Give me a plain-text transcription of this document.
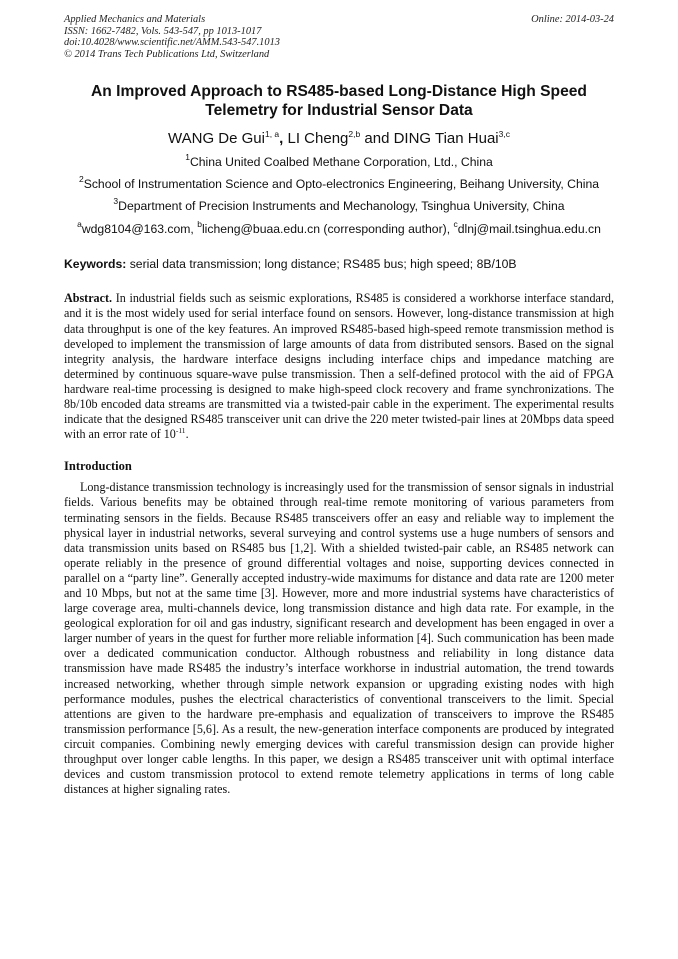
Applied Mechanics and Materials
ISSN: 1662-7482, Vols. 543-547, pp 1013-1017
doi:10.4028/www.scientific.net/AMM.543-547.1013
© 2014 Trans Tech Publications Ltd, Switzerland
Online: 2014-03-24
An Improved Approach to RS485-based Long-Distance High Speed Telemetry for Industrial Sensor Data
WANG De Gui$^{1, a}$, LI Cheng$^{2,b}$ and DING Tian Huai$^{3,c}$
$^1$China United Coalbed Methane Corporation, Ltd., China
$^2$School of Instrumentation Science and Opto-electronics Engineering, Beihang University, China
$^3$Department of Precision Instruments and Mechanology, Tsinghua University, China
$^a$wdg8104@163.com, $^b$licheng@buaa.edu.cn (corresponding author), $^c$dlnj@mail.tsinghua.edu.cn
Keywords: serial data transmission; long distance; RS485 bus; high speed; 8B/10B
Abstract. In industrial fields such as seismic explorations, RS485 is considered a workhorse interface standard, and it is the most widely used for serial interface found on sensors. However, long-distance transmission at high data throughput is one of the key features. An improved RS485-based high-speed remote transmission method is developed to implement the transmission of large amounts of data from distributed sensors. Based on the signal integrity analysis, the hardware interface designs including interface chips and impedance matching are determined by continuous square-wave pulse transmission. Then a self-defined protocol with the aid of FPGA hardware real-time processing is designed to make high-speed clock recovery and frame synchronizations. The 8b/10b encoded data streams are transmitted via a twisted-pair cable in the experiment. The experimental results indicate that the designed RS485 transceiver unit can drive the 220 meter twisted-pair lines at 20Mbps data speed with an error rate of $10^{-11}$.
Introduction
Long-distance transmission technology is increasingly used for the transmission of sensor signals in industrial fields. Various benefits may be obtained through real-time remote monitoring of various parameters from terminating sensors in the fields. Because RS485 transceivers offer an easy and reliable way to implement the physical layer in industrial networks, several surveying and control systems use a huge numbers of sensors and data transmission units based on RS485 bus [1,2]. With a shielded twisted-pair cable, an RS485 network can operate reliably in the presence of ground differential voltages and noise, supporting devices connected in parallel on a “party line”. Generally accepted industry-wide maximums for distance and data rate are 1200 meter and 10 Mbps, but not at the same time [3]. However, more and more industrial systems have characteristics of large coverage area, multi-channels device, long transmission distance and high data rate. For example, in the geological exploration for oil and gas industry, significant research and development has been engaged in over a larger number of years in the quest for further more reliable information [4]. Such communication has been made over a dedicated communication conductor. Although robustness and reliability in long distance data transmission have made RS485 the industry’s interface workhorse in industrial automation, the trend towards increased networking, whether through simple network expansion or upgrading existing nodes with high performance modules, pushes the electrical characteristics of conventional transceivers to the limit. Special attentions are given to the hardware pre-emphasis and equalization of transceivers to improve the RS485 transmission performance [5,6]. As a result, the new-generation interface components are produced by integrated circuit companies. Combining newly emerging devices with careful transmission design can provide higher throughput over longer cable lengths. In this paper, we design a RS485 transceiver unit with optimal interface devices and custom transmission protocol to extend remote telemetry applications in terms of long cable distances at higher signaling rates.
